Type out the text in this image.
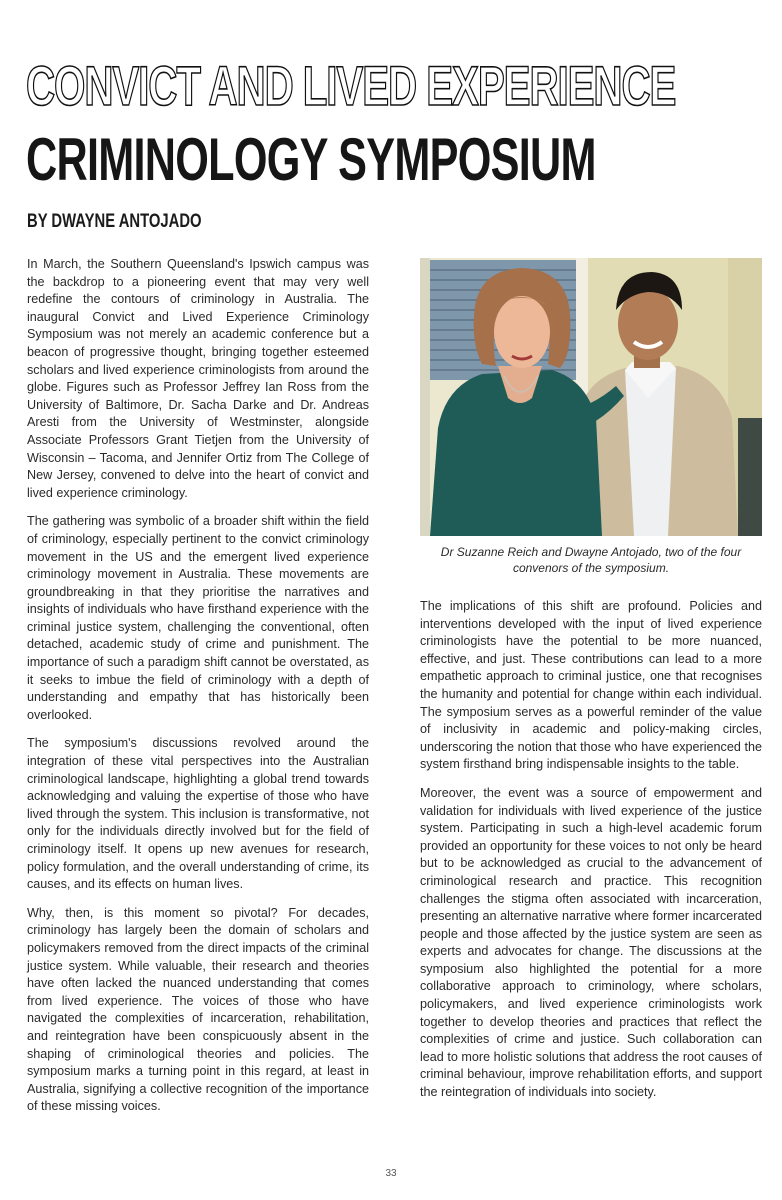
CONVICT AND LIVED EXPERIENCE
CRIMINOLOGY SYMPOSIUM
BY DWAYNE ANTOJADO

In March, the Southern Queensland's Ipswich campus was the backdrop to a pioneering event that may very well redefine the contours of criminology in Australia. The inaugural Convict and Lived Experience Criminology Symposium was not merely an academic conference but a beacon of progressive thought, bringing together esteemed scholars and lived experience criminologists from around the globe. Figures such as Professor Jeffrey Ian Ross from the University of Baltimore, Dr. Sacha Darke and Dr. Andreas Aresti from the University of Westminster, alongside Associate Professors Grant Tietjen from the University of Wisconsin – Tacoma, and Jennifer Ortiz from The College of New Jersey, convened to delve into the heart of convict and lived experience criminology.

The gathering was symbolic of a broader shift within the field of criminology, especially pertinent to the convict criminology movement in the US and the emergent lived experience criminology movement in Australia. These movements are groundbreaking in that they prioritise the narratives and insights of individuals who have firsthand experience with the criminal justice system, challenging the conventional, often detached, academic study of crime and punishment. The importance of such a paradigm shift cannot be overstated, as it seeks to imbue the field of criminology with a depth of understanding and empathy that has historically been overlooked.

The symposium's discussions revolved around the integration of these vital perspectives into the Australian criminological landscape, highlighting a global trend towards acknowledging and valuing the expertise of those who have lived through the system. This inclusion is transformative, not only for the individuals directly involved but for the field of criminology itself. It opens up new avenues for research, policy formulation, and the overall understanding of crime, its causes, and its effects on human lives.

Why, then, is this moment so pivotal? For decades, criminology has largely been the domain of scholars and policymakers removed from the direct impacts of the criminal justice system. While valuable, their research and theories have often lacked the nuanced understanding that comes from lived experience. The voices of those who have navigated the complexities of incarceration, rehabilitation, and reintegration have been conspicuously absent in the shaping of criminological theories and policies. The symposium marks a turning point in this regard, at least in Australia, signifying a collective recognition of the importance of these missing voices.

Dr Suzanne Reich and Dwayne Antojado, two of the four convenors of the symposium.

The implications of this shift are profound. Policies and interventions developed with the input of lived experience criminologists have the potential to be more nuanced, effective, and just. These contributions can lead to a more empathetic approach to criminal justice, one that recognises the humanity and potential for change within each individual. The symposium serves as a powerful reminder of the value of inclusivity in academic and policy-making circles, underscoring the notion that those who have experienced the system firsthand bring indispensable insights to the table.

Moreover, the event was a source of empowerment and validation for individuals with lived experience of the justice system. Participating in such a high-level academic forum provided an opportunity for these voices to not only be heard but to be acknowledged as crucial to the advancement of criminological research and practice. This recognition challenges the stigma often associated with incarceration, presenting an alternative narrative where former incarcerated people and those affected by the justice system are seen as experts and advocates for change. The discussions at the symposium also highlighted the potential for a more collaborative approach to criminology, where scholars, policymakers, and lived experience criminologists work together to develop theories and practices that reflect the complexities of crime and justice. Such collaboration can lead to more holistic solutions that address the root causes of criminal behaviour, improve rehabilitation efforts, and support the reintegration of individuals into society.

33
